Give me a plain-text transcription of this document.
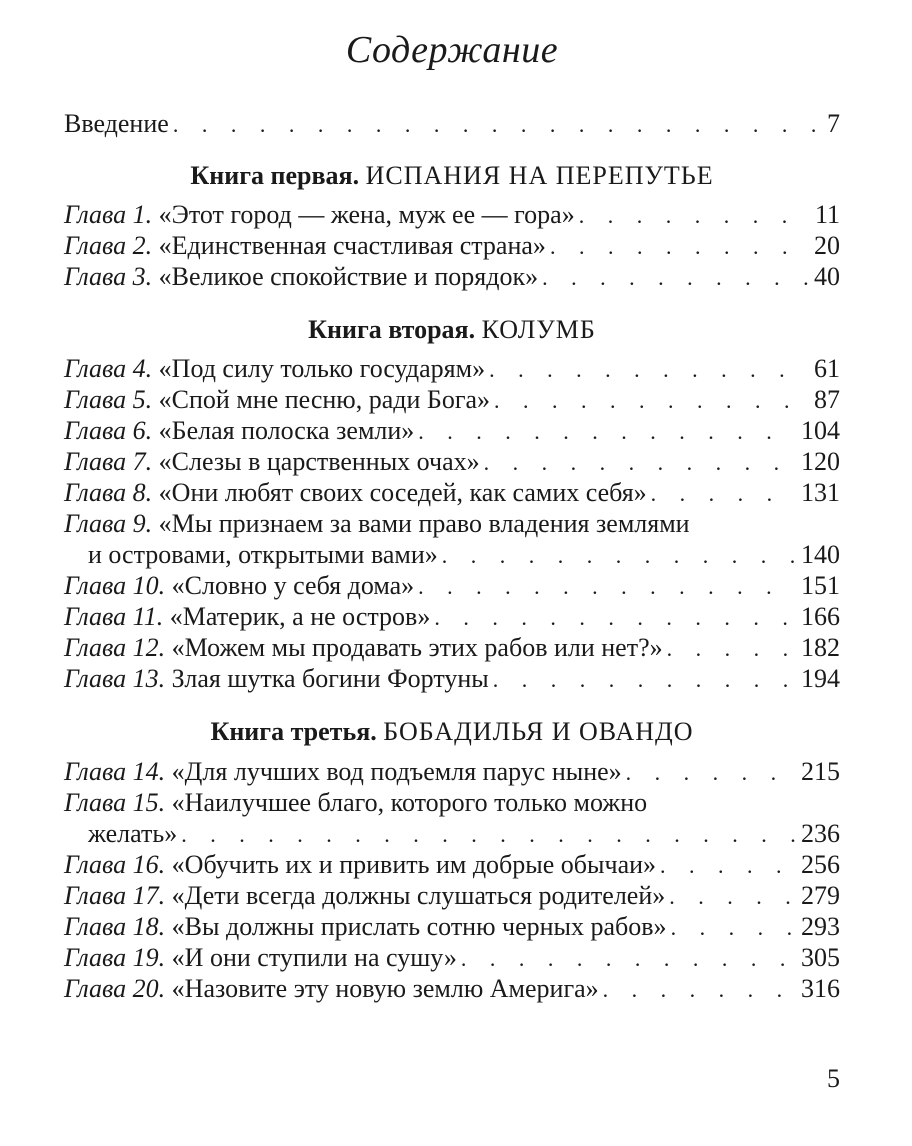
Содержание
Введение . . .	7
Книга первая. ИСПАНИЯ НА ПЕРЕПУТЬЕ
Глава 1. «Этот город — жена, муж ее — гора» . . .	11
Глава 2. «Единственная счастливая страна» . . .	20
Глава 3. «Великое спокойствие и порядок» . . .	40
Книга вторая. КОЛУМБ
Глава 4. «Под силу только государям» . . .	61
Глава 5. «Спой мне песню, ради Бога» . . .	87
Глава 6. «Белая полоска земли» . . .	104
Глава 7. «Слезы в царственных очах» . . .	120
Глава 8. «Они любят своих соседей, как самих себя» . . .	131
Глава 9. «Мы признаем за вами право владения землями
и островами, открытыми вами» . . .	140
Глава 10. «Словно у себя дома» . . .	151
Глава 11. «Материк, а не остров» . . .	166
Глава 12. «Можем мы продавать этих рабов или нет?» . . .	182
Глава 13. Злая шутка богини Фортуны . . .	194
Книга третья. БОБАДИЛЬЯ И ОВАНДО
Глава 14. «Для лучших вод подъемля парус ныне» . . .	215
Глава 15. «Наилучшее благо, которого только можно
желать» . . .	236
Глава 16. «Обучить их и привить им добрые обычаи» . . .	256
Глава 17. «Дети всегда должны слушаться родителей» . . .	279
Глава 18. «Вы должны прислать сотню черных рабов» . . .	293
Глава 19. «И они ступили на сушу» . . .	305
Глава 20. «Назовите эту новую землю Америга» . . .	316
5
